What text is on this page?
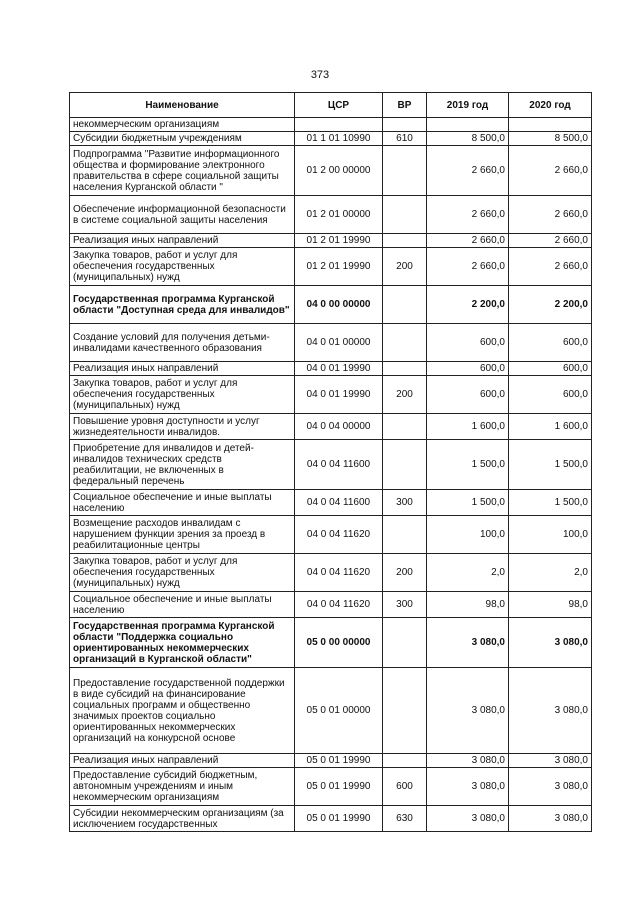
373
Наименование	ЦСР	ВР	2019 год	2020 год
некоммерческим организациям				
Субсидии бюджетным учреждениям	01 1 01 10990	610	8 500,0	8 500,0
Подпрограмма "Развитие информационного общества и формирование электронного правительства в сфере социальной защиты населения Курганской области "	01 2 00 00000		2 660,0	2 660,0
Обеспечение информационной безопасности в системе социальной защиты населения	01 2 01 00000		2 660,0	2 660,0
Реализация иных направлений	01 2 01 19990		2 660,0	2 660,0
Закупка товаров, работ и услуг для обеспечения государственных (муниципальных) нужд	01 2 01 19990	200	2 660,0	2 660,0
Государственная программа Курганской области "Доступная среда для инвалидов"	04 0 00 00000		2 200,0	2 200,0
Создание условий для получения детьми-инвалидами качественного образования	04 0 01 00000		600,0	600,0
Реализация иных направлений	04 0 01 19990		600,0	600,0
Закупка товаров, работ и услуг для обеспечения государственных (муниципальных) нужд	04 0 01 19990	200	600,0	600,0
Повышение уровня доступности и услуг жизнедеятельности инвалидов.	04 0 04 00000		1 600,0	1 600,0
Приобретение для инвалидов и детей-инвалидов технических средств реабилитации, не включенных в федеральный перечень	04 0 04 11600		1 500,0	1 500,0
Социальное обеспечение и иные выплаты населению	04 0 04 11600	300	1 500,0	1 500,0
Возмещение расходов инвалидам с нарушением функции зрения за проезд в реабилитационные центры	04 0 04 11620		100,0	100,0
Закупка товаров, работ и услуг для обеспечения государственных (муниципальных) нужд	04 0 04 11620	200	2,0	2,0
Социальное обеспечение и иные выплаты населению	04 0 04 11620	300	98,0	98,0
Государственная программа Курганской области "Поддержка социально ориентированных некоммерческих организаций в Курганской области"	05 0 00 00000		3 080,0	3 080,0
Предоставление государственной поддержки в виде субсидий на финансирование социальных программ и общественно значимых проектов социально ориентированных некоммерческих организаций на конкурсной основе	05 0 01 00000		3 080,0	3 080,0
Реализация иных направлений	05 0 01 19990		3 080,0	3 080,0
Предоставление субсидий бюджетным, автономным учреждениям и иным некоммерческим организациям	05 0 01 19990	600	3 080,0	3 080,0
Субсидии некоммерческим организациям (за исключением государственных	05 0 01 19990	630	3 080,0	3 080,0
